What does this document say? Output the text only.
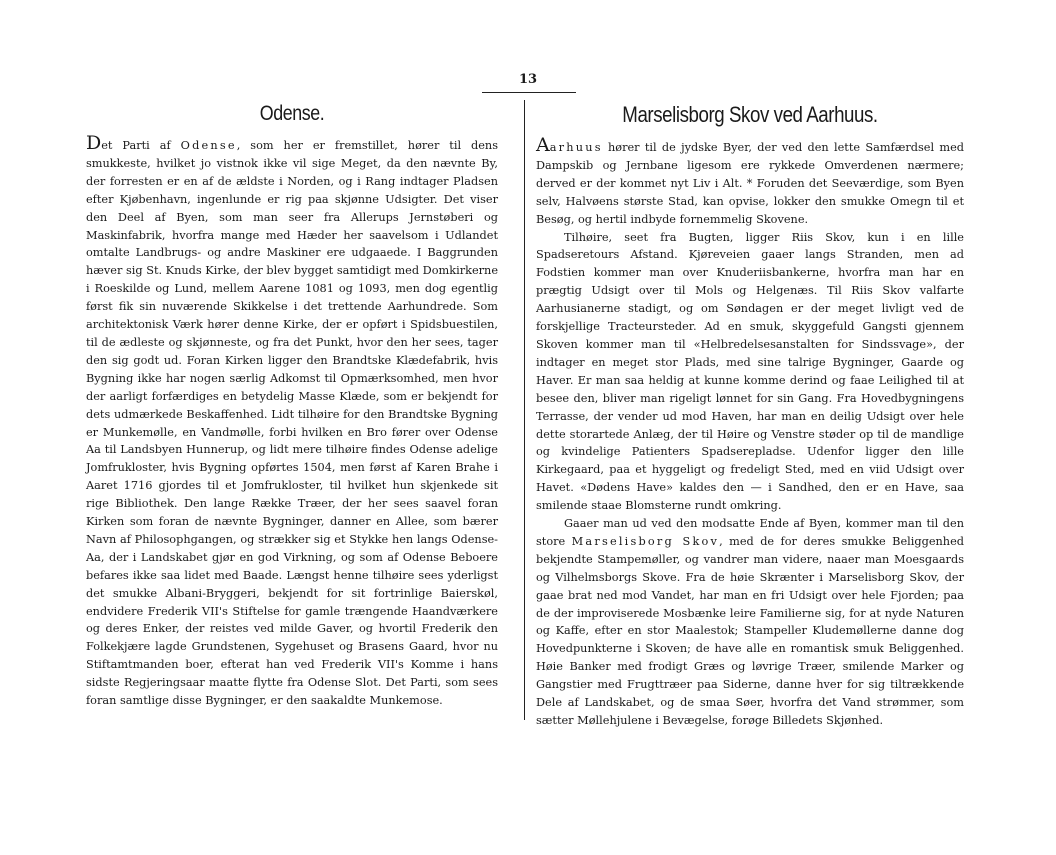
13
Odense.

Det Parti af Odense, som her er fremstillet, hører til dens smukkeste, hvilket jo vistnok ikke vil sige Meget, da den nævnte By, der forresten er en af de ældste i Norden, og i Rang indtager Pladsen efter Kjøbenhavn, ingenlunde er rig paa skjønne Udsigter. Det viser den Deel af Byen, som man seer fra Allerups Jernstøberi og Maskinfabrik, hvorfra mange med Hæder her saavelsom i Udlandet omtalte Landbrugs- og andre Maskiner ere udgaaede. I Baggrunden hæver sig St. Knuds Kirke, der blev bygget samtidigt med Domkirkerne i Roeskilde og Lund, mellem Aarene 1081 og 1093, men dog egentlig først fik sin nuværende Skikkelse i det trettende Aarhundrede. Som architektonisk Værk hører denne Kirke, der er opført i Spidsbuestilen, til de ædleste og skjønneste, og fra det Punkt, hvor den her sees, tager den sig godt ud. Foran Kirken ligger den Brandtske Klædefabrik, hvis Bygning ikke har nogen særlig Adkomst til Opmærksomhed, men hvor der aarligt forfærdiges en betydelig Masse Klæde, som er bekjendt for dets udmærkede Beskaffenhed. Lidt tilhøire for den Brandtske Bygning er Munkemølle, en Vandmølle, forbi hvilken en Bro fører over Odense Aa til Landsbyen Hunnerup, og lidt mere tilhøire findes Odense adelige Jomfrukloster, hvis Bygning opførtes 1504, men først af Karen Brahe i Aaret 1716 gjordes til et Jomfrukloster, til hvilket hun skjenkede sit rige Bibliothek. Den lange Række Træer, der her sees saavel foran Kirken som foran de nævnte Bygninger, danner en Allee, som bærer Navn af Philosophgangen, og strækker sig et Stykke hen langs Odense-Aa, der i Landskabet gjør en god Virkning, og som af Odense Beboere befares ikke saa lidet med Baade. Længst henne tilhøire sees yderligst det smukke Albani-Bryggeri, bekjendt for sit fortrinlige Baierskøl, endvidere Frederik VII's Stiftelse for gamle trængende Haandværkere og deres Enker, der reistes ved milde Gaver, og hvortil Frederik den Folkekjære lagde Grundstenen, Sygehuset og Brasens Gaard, hvor nu Stiftamtmanden boer, efterat han ved Frederik VII's Komme i hans sidste Regjeringsaar maatte flytte fra Odense Slot. Det Parti, som sees foran samtlige disse Bygninger, er den saakaldte Munkemose.

Marselisborg Skov ved Aarhuus.

Aarhuus hører til de jydske Byer, der ved den lette Samfærdsel med Dampskib og Jernbane ligesom ere rykkede Omverdenen nærmere; derved er der kommet nyt Liv i Alt. * Foruden det Seeværdige, som Byen selv, Halvøens største Stad, kan opvise, lokker den smukke Omegn til et Besøg, og hertil indbyde fornemmelig Skovene.

Tilhøire, seet fra Bugten, ligger Riis Skov, kun i en lille Spadseretours Afstand. Kjøreveien gaaer langs Stranden, men ad Fodstien kommer man over Knuderiisbankerne, hvorfra man har en prægtig Udsigt over til Mols og Helgenæs. Til Riis Skov valfarte Aarhusianerne stadigt, og om Søndagen er der meget livligt ved de forskjellige Tracteursteder. Ad en smuk, skyggefuld Gangsti gjennem Skoven kommer man til «Helbredelsesanstalten for Sindssvage», der indtager en meget stor Plads, med sine talrige Bygninger, Gaarde og Haver. Er man saa heldig at kunne komme derind og faae Leilighed til at besee den, bliver man rigeligt lønnet for sin Gang. Fra Hovedbygningens Terrasse, der vender ud mod Haven, har man en deilig Udsigt over hele dette storartede Anlæg, der til Høire og Venstre støder op til de mandlige og kvindelige Patienters Spadserepladse. Udenfor ligger den lille Kirkegaard, paa et hyggeligt og fredeligt Sted, med en viid Udsigt over Havet. «Dødens Have» kaldes den — i Sandhed, den er en Have, saa smilende staae Blomsterne rundt omkring.

Gaaer man ud ved den modsatte Ende af Byen, kommer man til den store Marselisborg Skov, med de for deres smukke Beliggenhed bekjendte Stampemøller, og vandrer man videre, naaer man Moesgaards og Vilhelmsborgs Skove. Fra de høie Skrænter i Marselisborg Skov, der gaae brat ned mod Vandet, har man en fri Udsigt over hele Fjorden; paa de der improviserede Mosbænke leire Familierne sig, for at nyde Naturen og Kaffe, efter en stor Maalestok; Stampeller Kludemøllerne danne dog Hovedpunkterne i Skoven; de have alle en romantisk smuk Beliggenhed. Høie Banker med frodigt Græs og løvrige Træer, smilende Marker og Gangstier med Frugttræer paa Siderne, danne hver for sig tiltrækkende Dele af Landskabet, og de smaa Søer, hvorfra det Vand strømmer, som sætter Møllehjulene i Bevægelse, forøge Billedets Skjønhed.
